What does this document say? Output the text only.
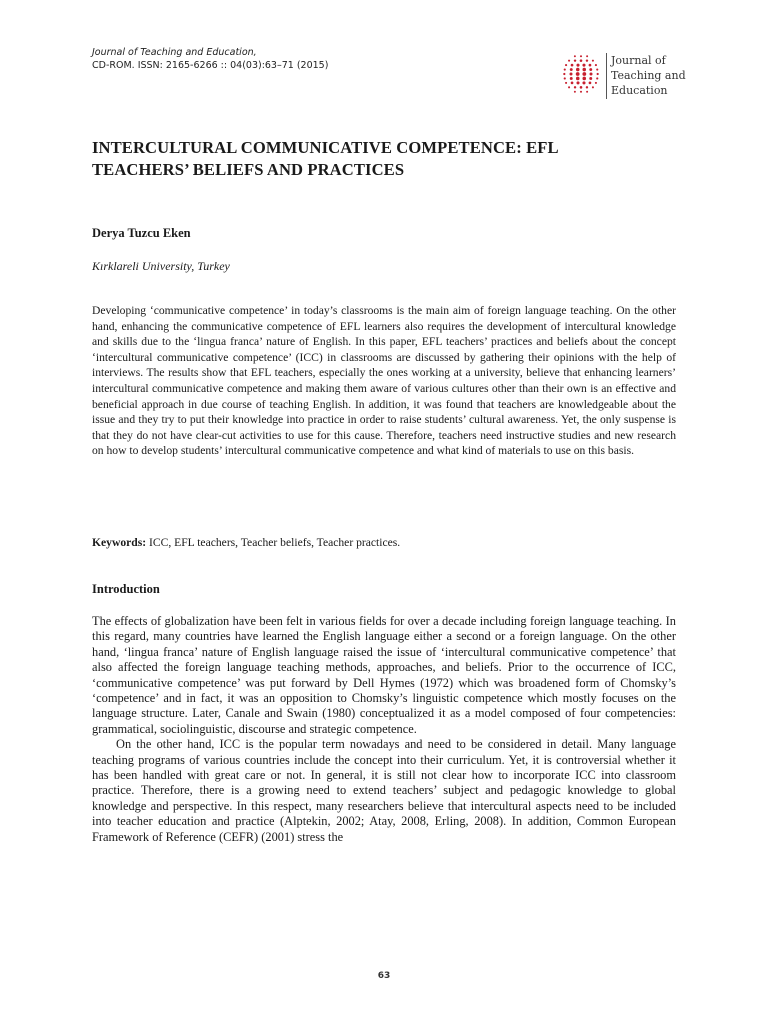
Journal of Teaching and Education,
CD-ROM. ISSN: 2165-6266 :: 04(03):63–71 (2015)	Journal of
Teaching and
Education
INTERCULTURAL COMMUNICATIVE COMPETENCE: EFL
TEACHERS’ BELIEFS AND PRACTICES
Derya Tuzcu Eken
Kırklareli University, Turkey

Developing ‘communicative competence’ in today’s classrooms is the main aim of foreign language teaching. On the other hand, enhancing the communicative competence of EFL learners also requires the development of intercultural knowledge and skills due to the ‘lingua franca’ nature of English. In this paper, EFL teachers’ practices and beliefs about the concept ‘intercultural communicative competence’ (ICC) in classrooms are discussed by gathering their opinions with the help of interviews. The results show that EFL teachers, especially the ones working at a university, believe that enhancing learners’ intercultural communicative competence and making them aware of various cultures other than their own is an effective and beneficial approach in due course of teaching English. In addition, it was found that teachers are knowledgeable about the issue and they try to put their knowledge into practice in order to raise students’ cultural awareness. Yet, the only suspense is that they do not have clear-cut activities to use for this cause. Therefore, teachers need instructive studies and new research on how to develop students’ intercultural communicative competence and what kind of materials to use on this basis.

Keywords: ICC, EFL teachers, Teacher beliefs, Teacher practices.
Introduction

The effects of globalization have been felt in various fields for over a decade including foreign language teaching. In this regard, many countries have learned the English language either a second or a foreign language. On the other hand, ‘lingua franca’ nature of English language raised the issue of ‘intercultural communicative competence’ that also affected the foreign language teaching methods, approaches, and beliefs. Prior to the occurrence of ICC, ‘communicative competence’ was put forward by Dell Hymes (1972) which was broadened form of Chomsky’s ‘competence’ and in fact, it was an opposition to Chomsky’s linguistic competence which mostly focuses on the language structure. Later, Canale and Swain (1980) conceptualized it as a model composed of four competencies: grammatical, sociolinguistic, discourse and strategic competence.

On the other hand, ICC is the popular term nowadays and need to be considered in detail. Many language teaching programs of various countries include the concept into their curriculum. Yet, it is controversial whether it has been handled with great care or not. In general, it is still not clear how to incorporate ICC into classroom practice. Therefore, there is a growing need to extend teachers’ subject and pedagogic knowledge to global knowledge and perspective. In this respect, many researchers believe that intercultural aspects need to be included into teacher education and practice (Alptekin, 2002; Atay, 2008, Erling, 2008). In addition, Common European Framework of Reference (CEFR) (2001) stress the

63
